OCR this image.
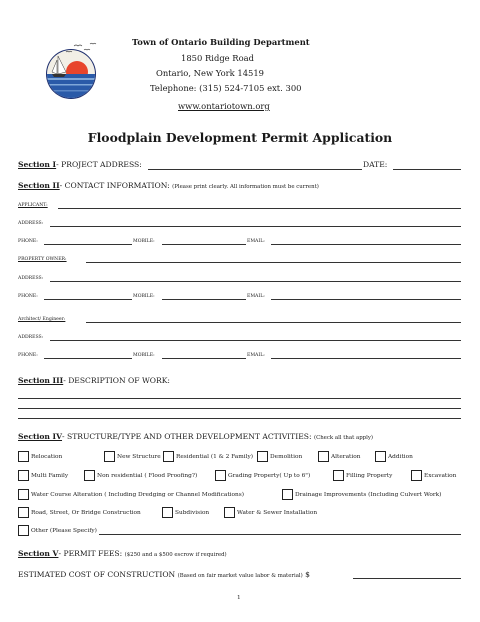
Town of Ontario Building Department
1850 Ridge Road
Ontario, New York 14519
Telephone: (315) 524-7105 ext. 300
www.ontariotown.org
Floodplain Development Permit Application
Section I- PROJECT ADDRESS:	DATE:
Section II- CONTACT INFORMATION: (Please print clearly. All information must be current)
APPLICANT:
ADDRESS:
PHONE:	MOBILE:	EMAIL:
PROPERTY OWNER:
ADDRESS:
PHONE:	MOBILE:	EMAIL:
Architect/ Engineer:
ADDRESS:
PHONE:	MOBILE:	EMAIL:
Section III- DESCRIPTION OF WORK:
Section IV- STRUCTURE/TYPE AND OTHER DEVELOPMENT ACTIVITIES: (Check all that apply)
Relocation	New Structure	Residential (1 & 2 Family)	Demolition	Alteration	Addition
Multi Family	Non residential ( Flood Proofing?)	Grading Property( Up to 6")	Filling Property	Excavation
Water Course Alteration ( Including Dredging or Channel Modifications)	Drainage Improvements (Including Culvert Work)
Road, Street, Or Bridge Construction	Subdivision	Water & Sewer Installation
Other (Please Specify)
Section V- PERMIT FEES: ($250 and a $500 escrow if required)
ESTIMATED COST OF CONSTRUCTION (Based on fair market value labor & material) $
1
